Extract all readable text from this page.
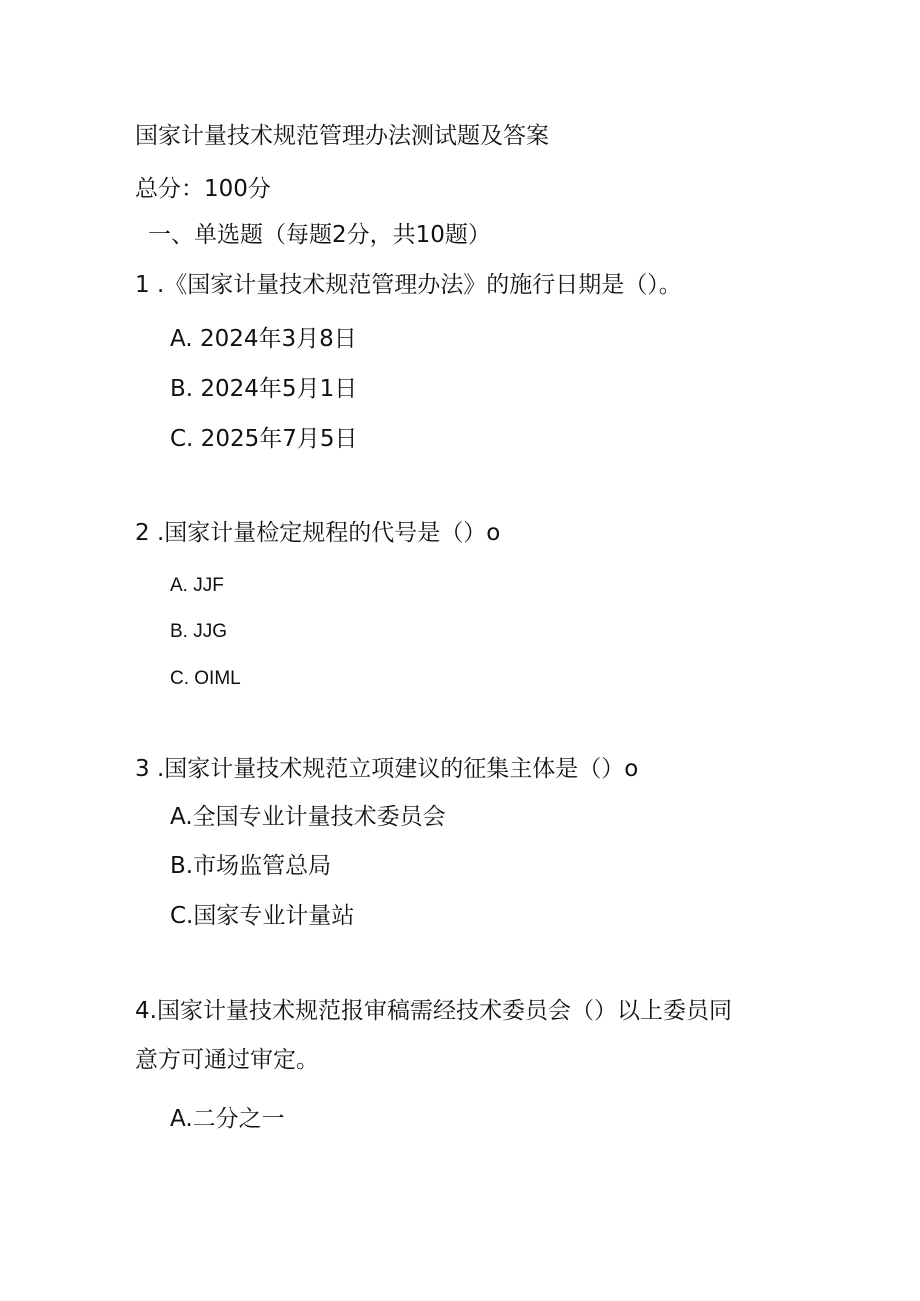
国家计量技术规范管理办法测试题及答案
总分：100分
一、单选题（每题2分，共10题）
1 .《国家计量技术规范管理办法》的施行日期是（）。
A. 2024年3月8日
B. 2024年5月1日
C. 2025年7月5日
2 .国家计量检定规程的代号是（）o
A. JJF
B. JJG
C. OIML
3 .国家计量技术规范立项建议的征集主体是（）o
A.全国专业计量技术委员会
B.市场监管总局
C.国家专业计量站
4.国家计量技术规范报审稿需经技术委员会（）以上委员同
意方可通过审定。
A.二分之一
